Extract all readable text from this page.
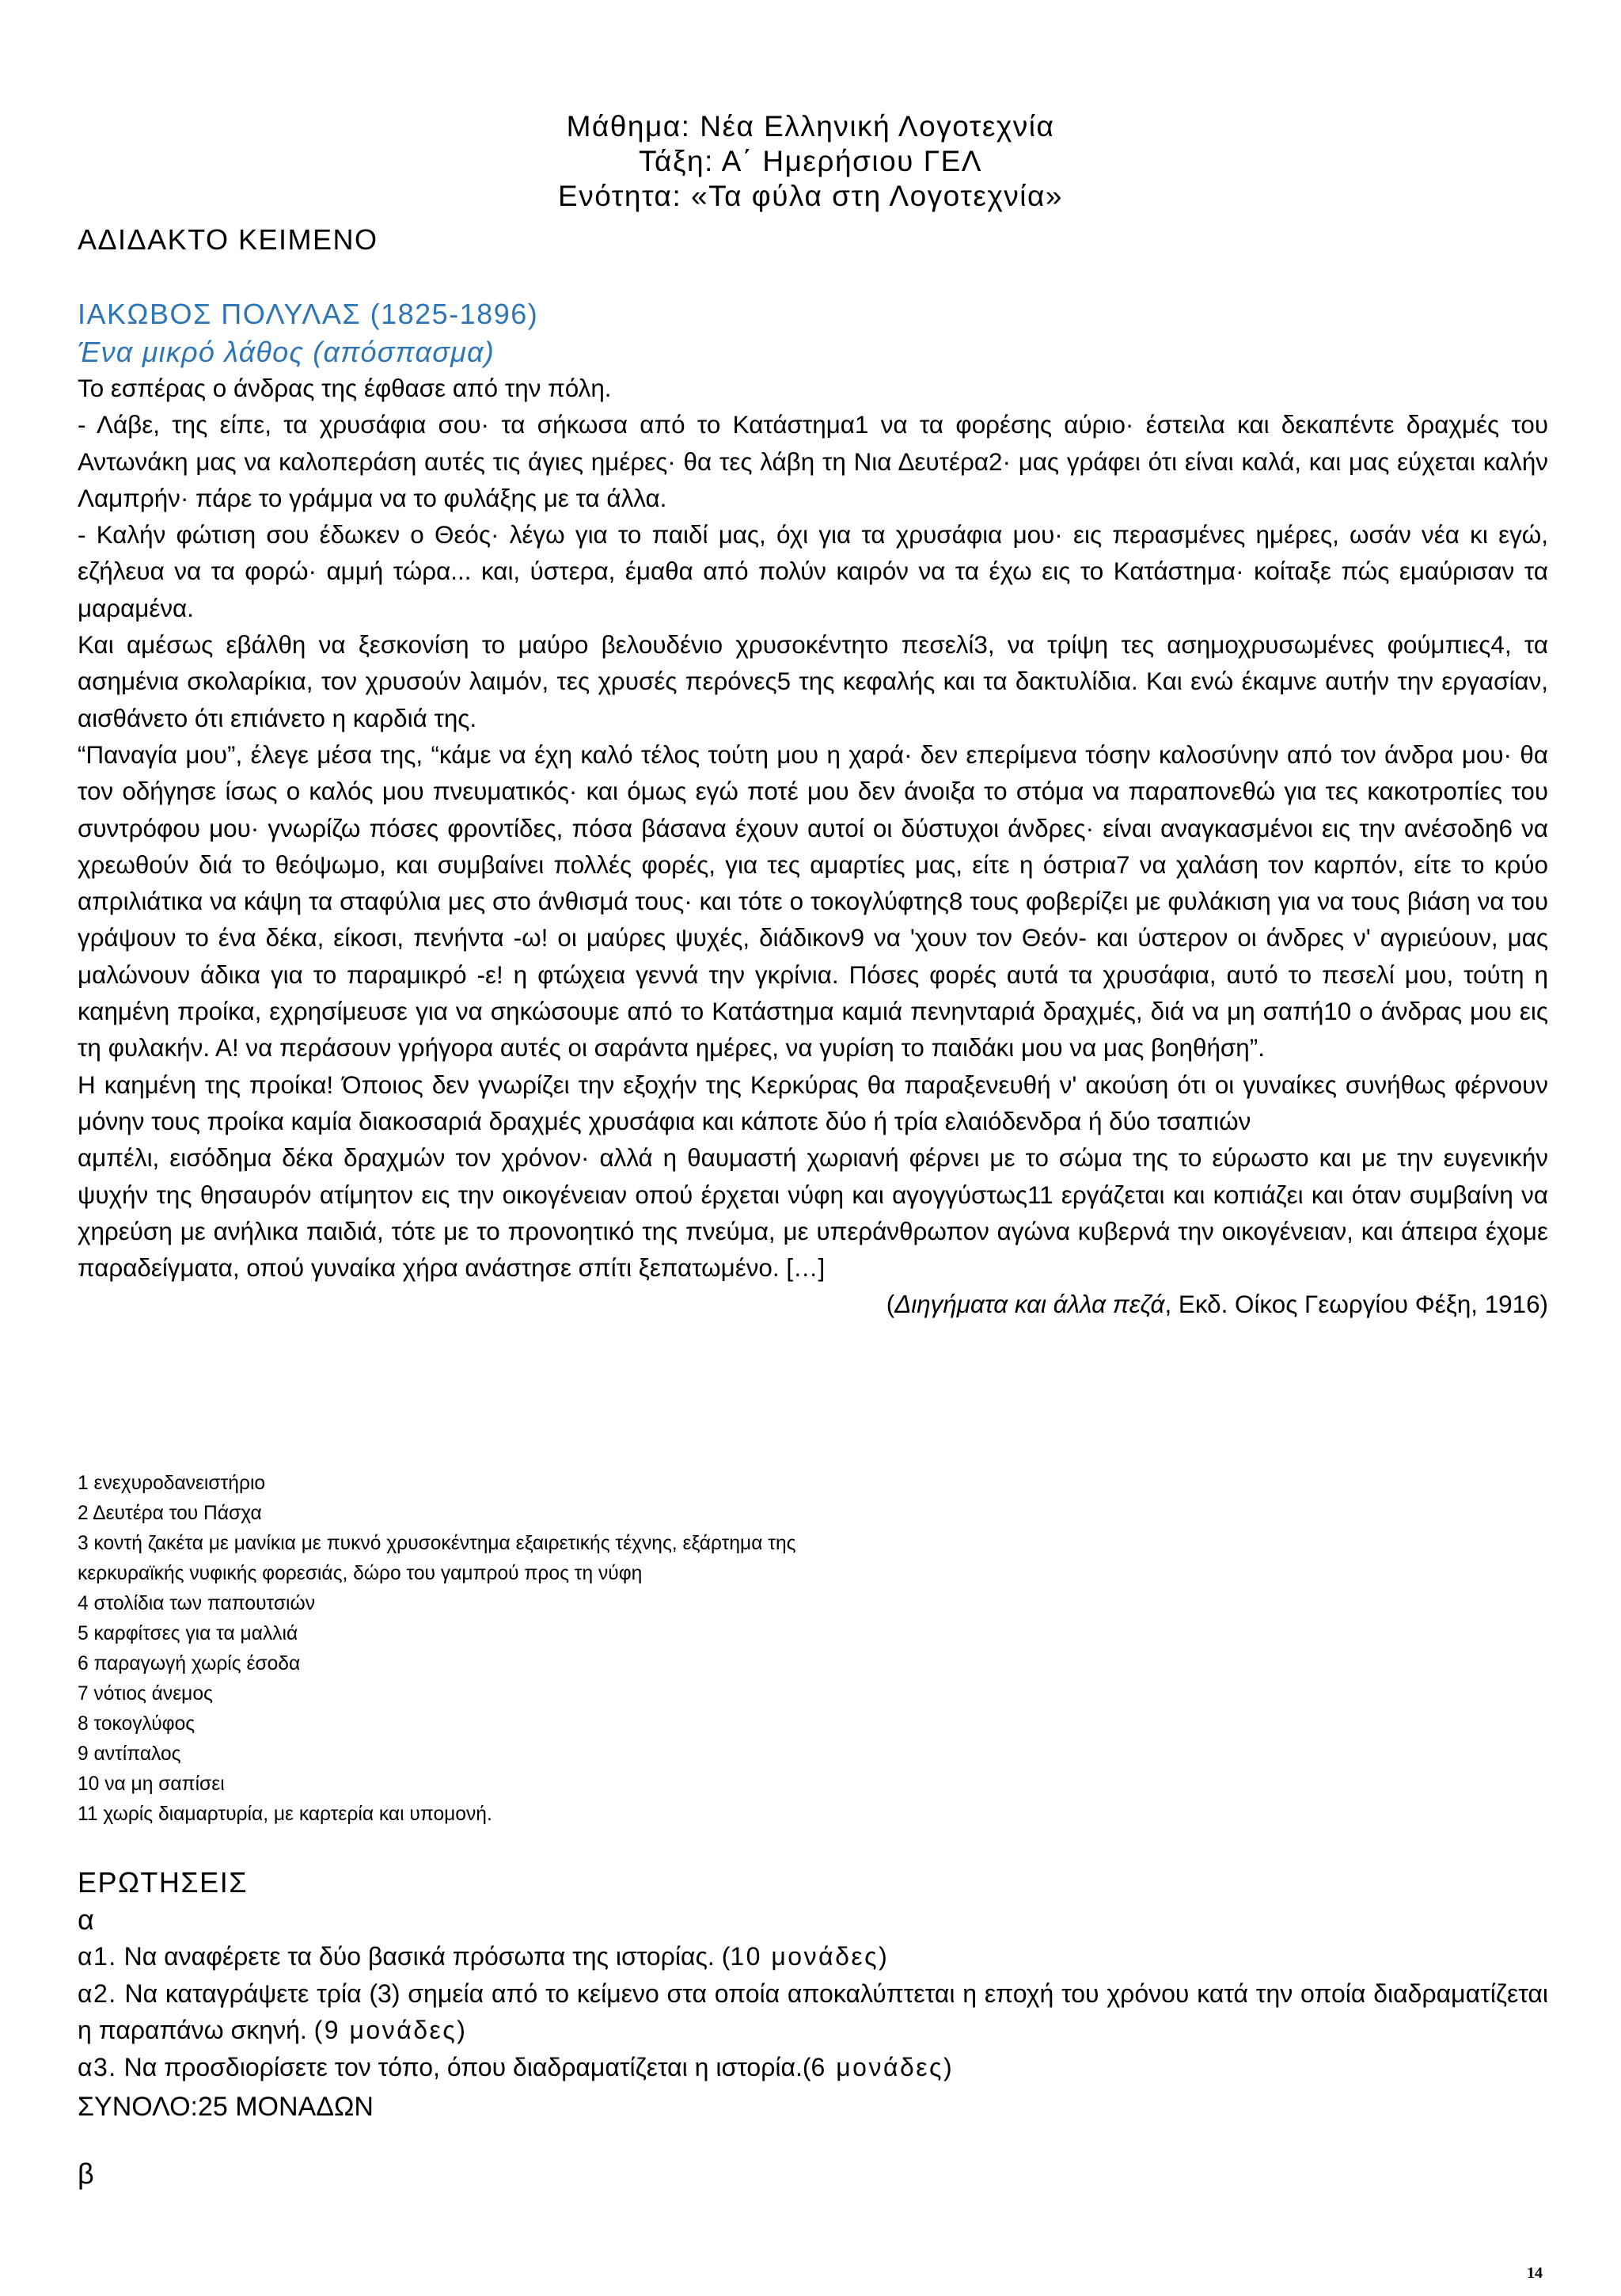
Μάθημα: Νέα Ελληνική Λογοτεχνία
Τάξη: Α΄ Ημερήσιου ΓΕΛ
Ενότητα: «Τα φύλα στη Λογοτεχνία»
ΑΔΙΔΑΚΤΟ ΚΕΙΜΕΝΟ
ΙΑΚΩΒΟΣ ΠΟΛΥΛΑΣ (1825-1896)
Ένα μικρό λάθος (απόσπασμα)

Το εσπέρας ο άνδρας της έφθασε από την πόλη.

- Λάβε, της είπε, τα χρυσάφια σου· τα σήκωσα από το Κατάστημα1 να τα φορέσης αύριο· έστειλα και δεκαπέντε δραχμές του Αντωνάκη μας να καλοπεράση αυτές τις άγιες ημέρες· θα τες λάβη τη Νια Δευτέρα2· μας γράφει ότι είναι καλά, και μας εύχεται καλήν Λαμπρήν· πάρε το γράμμα να το φυλάξης με τα άλλα.

- Καλήν φώτιση σου έδωκεν ο Θεός· λέγω για το παιδί μας, όχι για τα χρυσάφια μου· εις περασμένες ημέρες, ωσάν νέα κι εγώ, εζήλευα να τα φορώ· αμμή τώρα... και, ύστερα, έμαθα από πολύν καιρόν να τα έχω εις το Κατάστημα· κοίταξε πώς εμαύρισαν τα μαραμένα.

Και αμέσως εβάλθη να ξεσκονίση το μαύρο βελουδένιο χρυσοκέντητο πεσελί3, να τρίψη τες ασημοχρυσωμένες φούμπιες4, τα ασημένια σκολαρίκια, τον χρυσούν λαιμόν, τες χρυσές περόνες5 της κεφαλής και τα δακτυλίδια. Και ενώ έκαμνε αυτήν την εργασίαν, αισθάνετο ότι επιάνετο η καρδιά της.

“Παναγία μου”, έλεγε μέσα της, “κάμε να έχη καλό τέλος τούτη μου η χαρά· δεν επερίμενα τόσην καλοσύνην από τον άνδρα μου· θα τον οδήγησε ίσως ο καλός μου πνευματικός· και όμως εγώ ποτέ μου δεν άνοιξα το στόμα να παραπονεθώ για τες κακοτροπίες του συντρόφου μου· γνωρίζω πόσες φροντίδες, πόσα βάσανα έχουν αυτοί οι δύστυχοι άνδρες· είναι αναγκασμένοι εις την ανέσοδη6 να χρεωθούν διά το θεόψωμο, και συμβαίνει πολλές φορές, για τες αμαρτίες μας, είτε η όστρια7 να χαλάση τον καρπόν, είτε το κρύο απριλιάτικα να κάψη τα σταφύλια μες στο άνθισμά τους· και τότε ο τοκογλύφτης8 τους φοβερίζει με φυλάκιση για να τους βιάση να του γράψουν το ένα δέκα, είκοσι, πενήντα -ω! οι μαύρες ψυχές, διάδικον9 να 'χουν τον Θεόν- και ύστερον οι άνδρες ν' αγριεύουν, μας μαλώνουν άδικα για το παραμικρό -ε! η φτώχεια γεννά την γκρίνια. Πόσες φορές αυτά τα χρυσάφια, αυτό το πεσελί μου, τούτη η καημένη προίκα, εχρησίμευσε για να σηκώσουμε από το Κατάστημα καμιά πενηνταριά δραχμές, διά να μη σαπή10 ο άνδρας μου εις τη φυλακήν. Α! να περάσουν γρήγορα αυτές οι σαράντα ημέρες, να γυρίση το παιδάκι μου να μας βοηθήση”.

Η καημένη της προίκα! Όποιος δεν γνωρίζει την εξοχήν της Κερκύρας θα παραξενευθή ν' ακούση ότι οι γυναίκες συνήθως φέρνουν μόνην τους προίκα καμία διακοσαριά δραχμές χρυσάφια και κάποτε δύο ή τρία ελαιόδενδρα ή δύο τσαπιών

αμπέλι, εισόδημα δέκα δραχμών τον χρόνον· αλλά η θαυμαστή χωριανή φέρνει με το σώμα της το εύρωστο και με την ευγενικήν ψυχήν της θησαυρόν ατίμητον εις την οικογένειαν οπού έρχεται νύφη και αγογγύστως11 εργάζεται και κοπιάζει και όταν συμβαίνη να χηρεύση με ανήλικα παιδιά, τότε με το προνοητικό της πνεύμα, με υπεράνθρωπον αγώνα κυβερνά την οικογένειαν, και άπειρα έχομε παραδείγματα, οπού γυναίκα χήρα ανάστησε σπίτι ξεπατωμένο. […]

(Διηγήματα και άλλα πεζά, Εκδ. Οίκος Γεωργίου Φέξη, 1916)

1 ενεχυροδανειστήριο

2 Δευτέρα του Πάσχα

3 κοντή ζακέτα με μανίκια με πυκνό χρυσοκέντημα εξαιρετικής τέχνης, εξάρτημα της

κερκυραϊκής νυφικής φορεσιάς, δώρο του γαμπρού προς τη νύφη

4 στολίδια των παπουτσιών

5 καρφίτσες για τα μαλλιά

6 παραγωγή χωρίς έσοδα

7 νότιος άνεμος

8 τοκογλύφος

9 αντίπαλος

10 να μη σαπίσει

11 χωρίς διαμαρτυρία, με καρτερία και υπομονή.

ΕΡΩΤΗΣΕΙΣ

α

α1. Να αναφέρετε τα δύο βασικά πρόσωπα της ιστορίας. (10 μονάδες)

α2. Να καταγράψετε τρία (3) σημεία από το κείμενο στα οποία αποκαλύπτεται η εποχή του χρόνου κατά την οποία διαδραματίζεται η παραπάνω σκηνή. (9 μονάδες)

α3. Να προσδιορίσετε τον τόπο, όπου διαδραματίζεται η ιστορία.(6 μονάδες)

ΣΥΝΟΛΟ:25 ΜΟΝΑΔΩΝ

β
14
